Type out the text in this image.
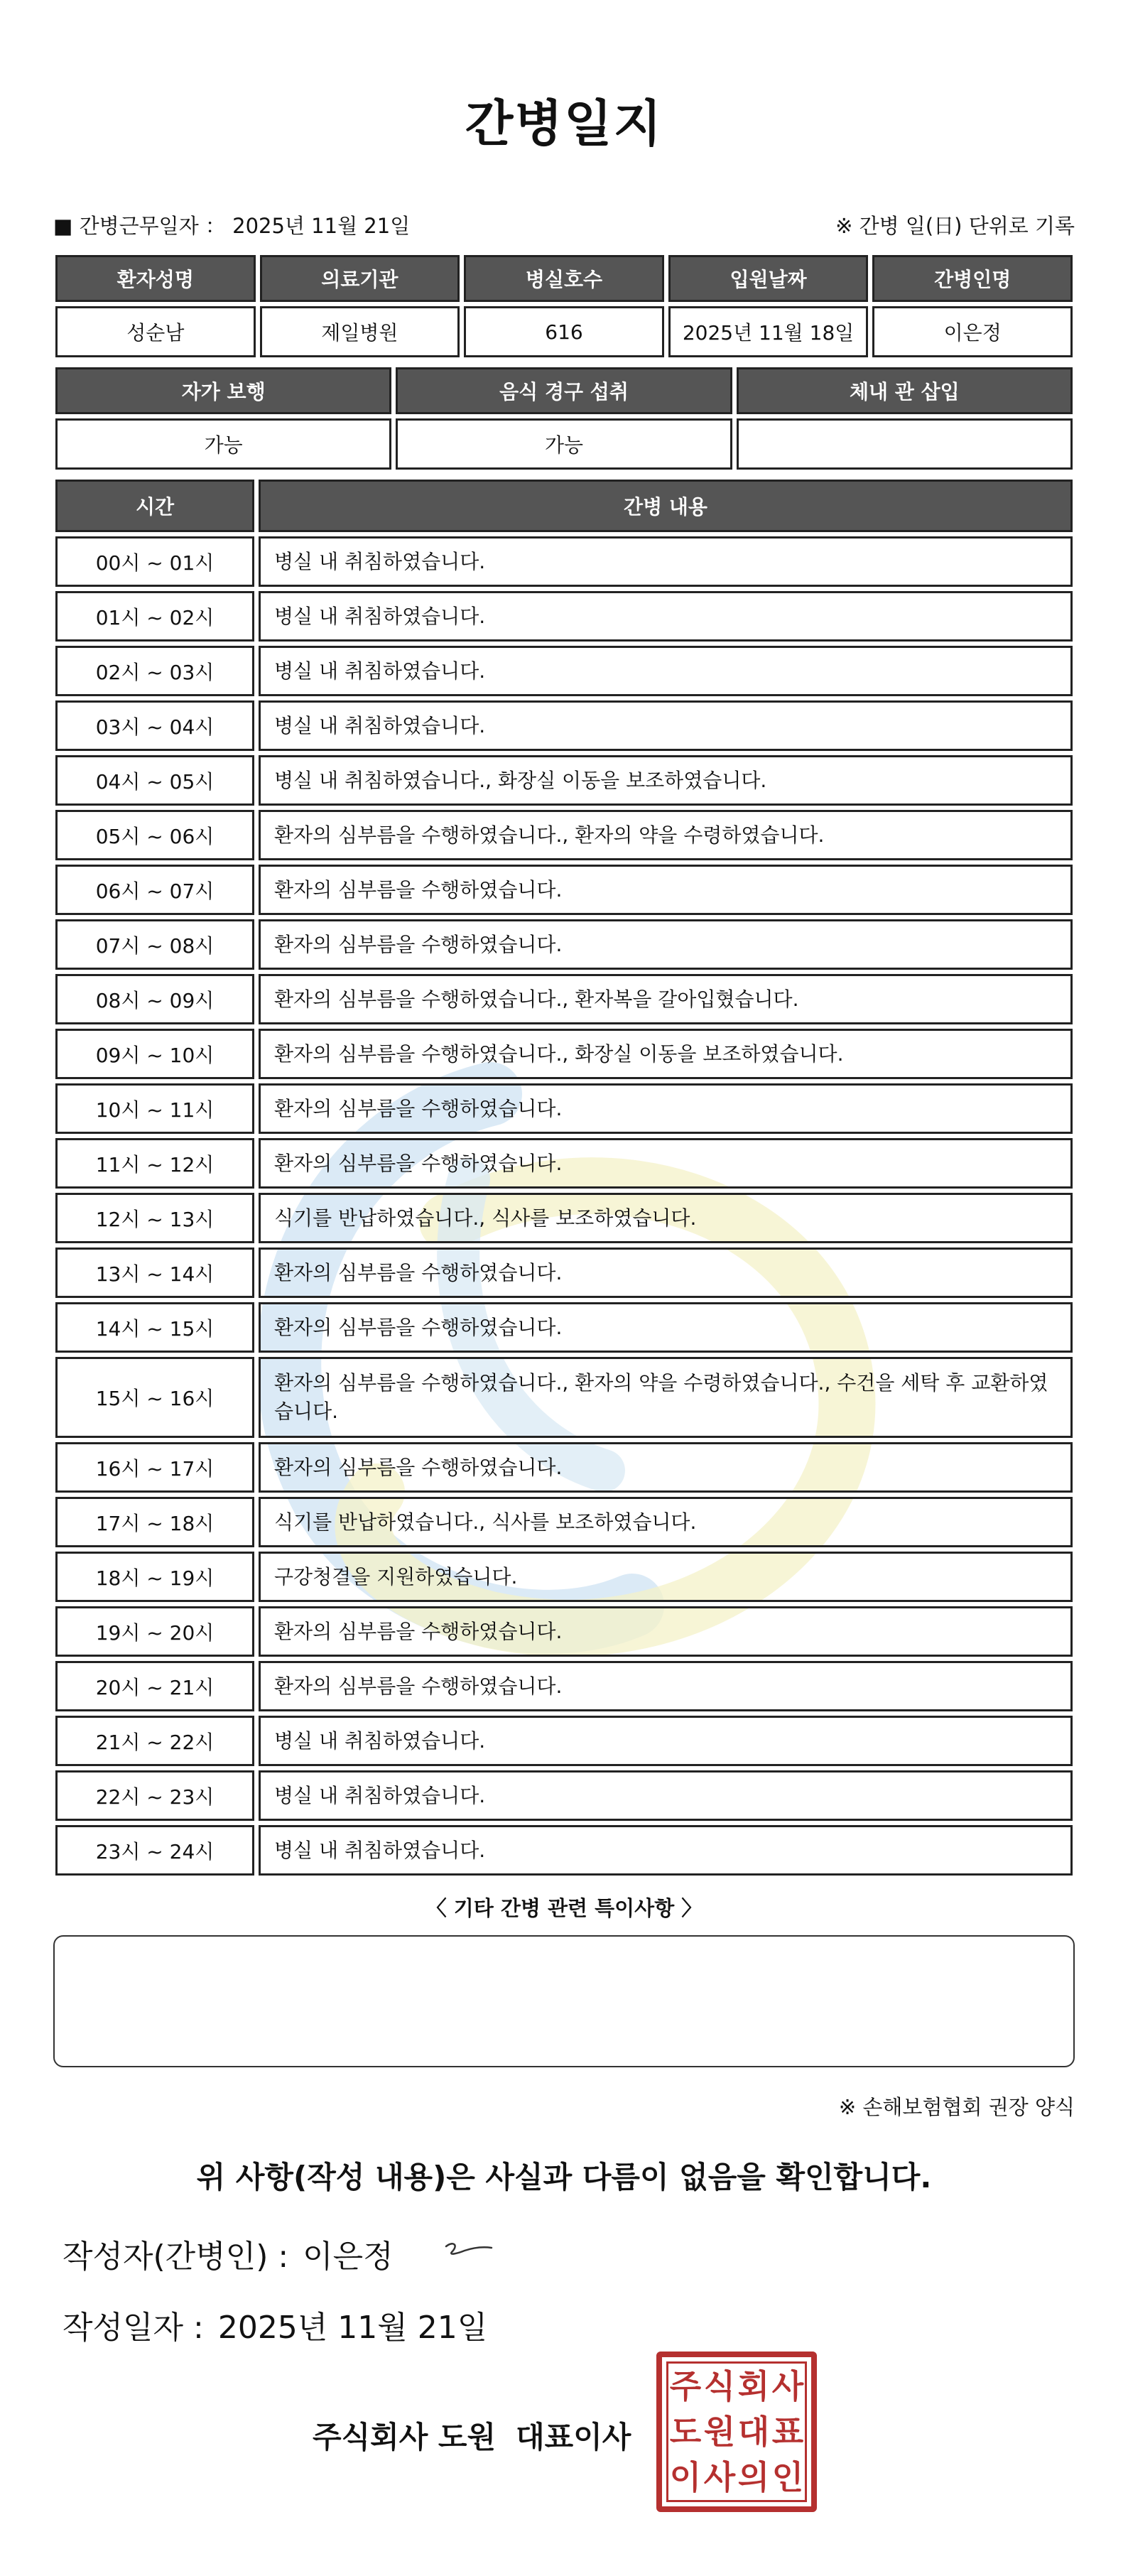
간병일지
■ 간병근무일자 ： 2025년 11월 21일	※ 간병 일(日) 단위로 기록
환자성명	의료기관	병실호수	입원날짜	간병인명
성순남	제일병원	616	2025년 11월 18일	이은정
자가 보행	음식 경구 섭취	체내 관 삽입
가능	가능	
시간	간병 내용
00시 ~ 01시	병실 내 취침하였습니다.
01시 ~ 02시	병실 내 취침하였습니다.
02시 ~ 03시	병실 내 취침하였습니다.
03시 ~ 04시	병실 내 취침하였습니다.
04시 ~ 05시	병실 내 취침하였습니다., 화장실 이동을 보조하였습니다.
05시 ~ 06시	환자의 심부름을 수행하였습니다., 환자의 약을 수령하였습니다.
06시 ~ 07시	환자의 심부름을 수행하였습니다.
07시 ~ 08시	환자의 심부름을 수행하였습니다.
08시 ~ 09시	환자의 심부름을 수행하였습니다., 환자복을 갈아입혔습니다.
09시 ~ 10시	환자의 심부름을 수행하였습니다., 화장실 이동을 보조하였습니다.
10시 ~ 11시	환자의 심부름을 수행하였습니다.
11시 ~ 12시	환자의 심부름을 수행하였습니다.
12시 ~ 13시	식기를 반납하였습니다., 식사를 보조하였습니다.
13시 ~ 14시	환자의 심부름을 수행하였습니다.
14시 ~ 15시	환자의 심부름을 수행하였습니다.
15시 ~ 16시	환자의 심부름을 수행하였습니다., 환자의 약을 수령하였습니다., 수건을 세탁 후 교환하였습니다.
16시 ~ 17시	환자의 심부름을 수행하였습니다.
17시 ~ 18시	식기를 반납하였습니다., 식사를 보조하였습니다.
18시 ~ 19시	구강청결을 지원하였습니다.
19시 ~ 20시	환자의 심부름을 수행하였습니다.
20시 ~ 21시	환자의 심부름을 수행하였습니다.
21시 ~ 22시	병실 내 취침하였습니다.
22시 ~ 23시	병실 내 취침하였습니다.
23시 ~ 24시	병실 내 취침하였습니다.
〈 기타 간병 관련 특이사항 〉
※ 손해보험협회 권장 양식
위 사항(작성 내용)은 사실과 다름이 없음을 확인합니다.
작성자(간병인) : 이은정
작성일자 : 2025년 11월 21일
주식회사 도원 대표이사
주 식 회 사
도 원 대 표
이 사 의 인
